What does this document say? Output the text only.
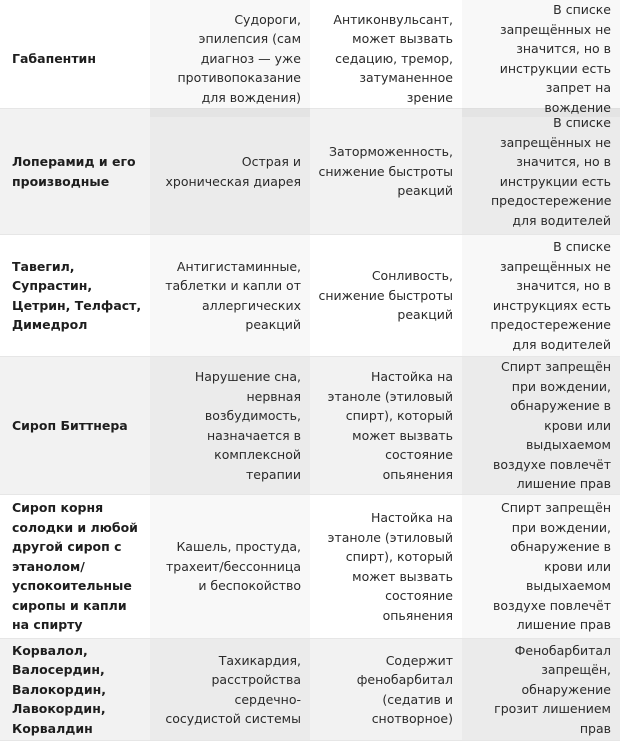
Габапентин
Судороги, эпилепсия (сам диагноз — уже противопоказание для вождения)
Антиконвульсант, может вызвать седацию, тремор, затуманенное зрение
В списке запрещённых не значится, но в инструкции есть запрет на вождение
Лоперамид и его производные
Острая и хроническая диарея
Заторможенность, снижение быстроты реакций
В списке запрещённых не значится, но в инструкции есть предостережение для водителей
Тавегил, Супрастин, Цетрин, Телфаст, Димедрол
Антигистаминные, таблетки и капли от аллергических реакций
Сонливость, снижение быстроты реакций
В списке запрещённых не значится, но в инструкциях есть предостережение для водителей
Сироп Биттнера
Нарушение сна, нервная возбудимость, назначается в комплексной терапии
Настойка на этаноле (этиловый спирт), который может вызвать состояние опьянения
Спирт запрещён при вождении, обнаружение в крови или выдыхаемом воздухе повлечёт лишение прав
Сироп корня солодки и любой другой сироп с этанолом/ успокоительные сиропы и капли на спирту
Кашель, простуда, трахеит/бессонница и беспокойство
Настойка на этаноле (этиловый спирт), который может вызвать состояние опьянения
Спирт запрещён при вождении, обнаружение в крови или выдыхаемом воздухе повлечёт лишение прав
Корвалол, Валосердин, Валокордин, Лавокордин, Корвалдин
Тахикардия, расстройства сердечно-сосудистой системы
Содержит фенобарбитал (седатив и снотворное)
Фенобарбитал запрещён, обнаружение грозит лишением прав
